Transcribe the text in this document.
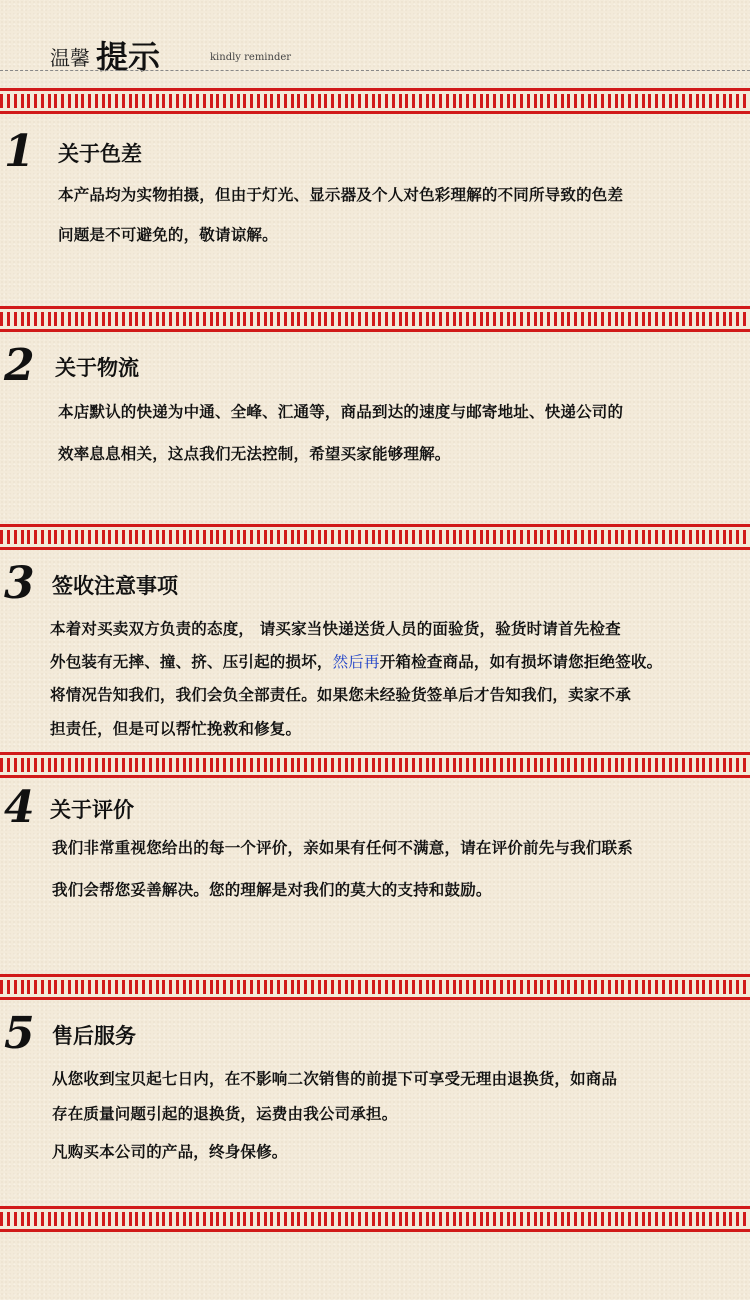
温馨 提示	kindly reminder
1 关于色差
本产品均为实物拍摄，但由于灯光、显示器及个人对色彩理解的不同所导致的色差
问题是不可避免的，敬请谅解。
2 关于物流
本店默认的快递为中通、全峰、汇通等，商品到达的速度与邮寄地址、快递公司的
效率息息相关，这点我们无法控制，希望买家能够理解。
3 签收注意事项
本着对买卖双方负责的态度， 请买家当快递送货人员的面验货，验货时请首先检查
外包装有无摔、撞、挤、压引起的损坏，然后再开箱检查商品，如有损坏请您拒绝签收。
将情况告知我们，我们会负全部责任。如果您未经验货签单后才告知我们，卖家不承
担责任，但是可以帮忙挽救和修复。
4 关于评价
我们非常重视您给出的每一个评价，亲如果有任何不满意，请在评价前先与我们联系
我们会帮您妥善解决。您的理解是对我们的莫大的支持和鼓励。
5 售后服务
从您收到宝贝起七日内，在不影响二次销售的前提下可享受无理由退换货，如商品
存在质量问题引起的退换货，运费由我公司承担。
凡购买本公司的产品，终身保修。
